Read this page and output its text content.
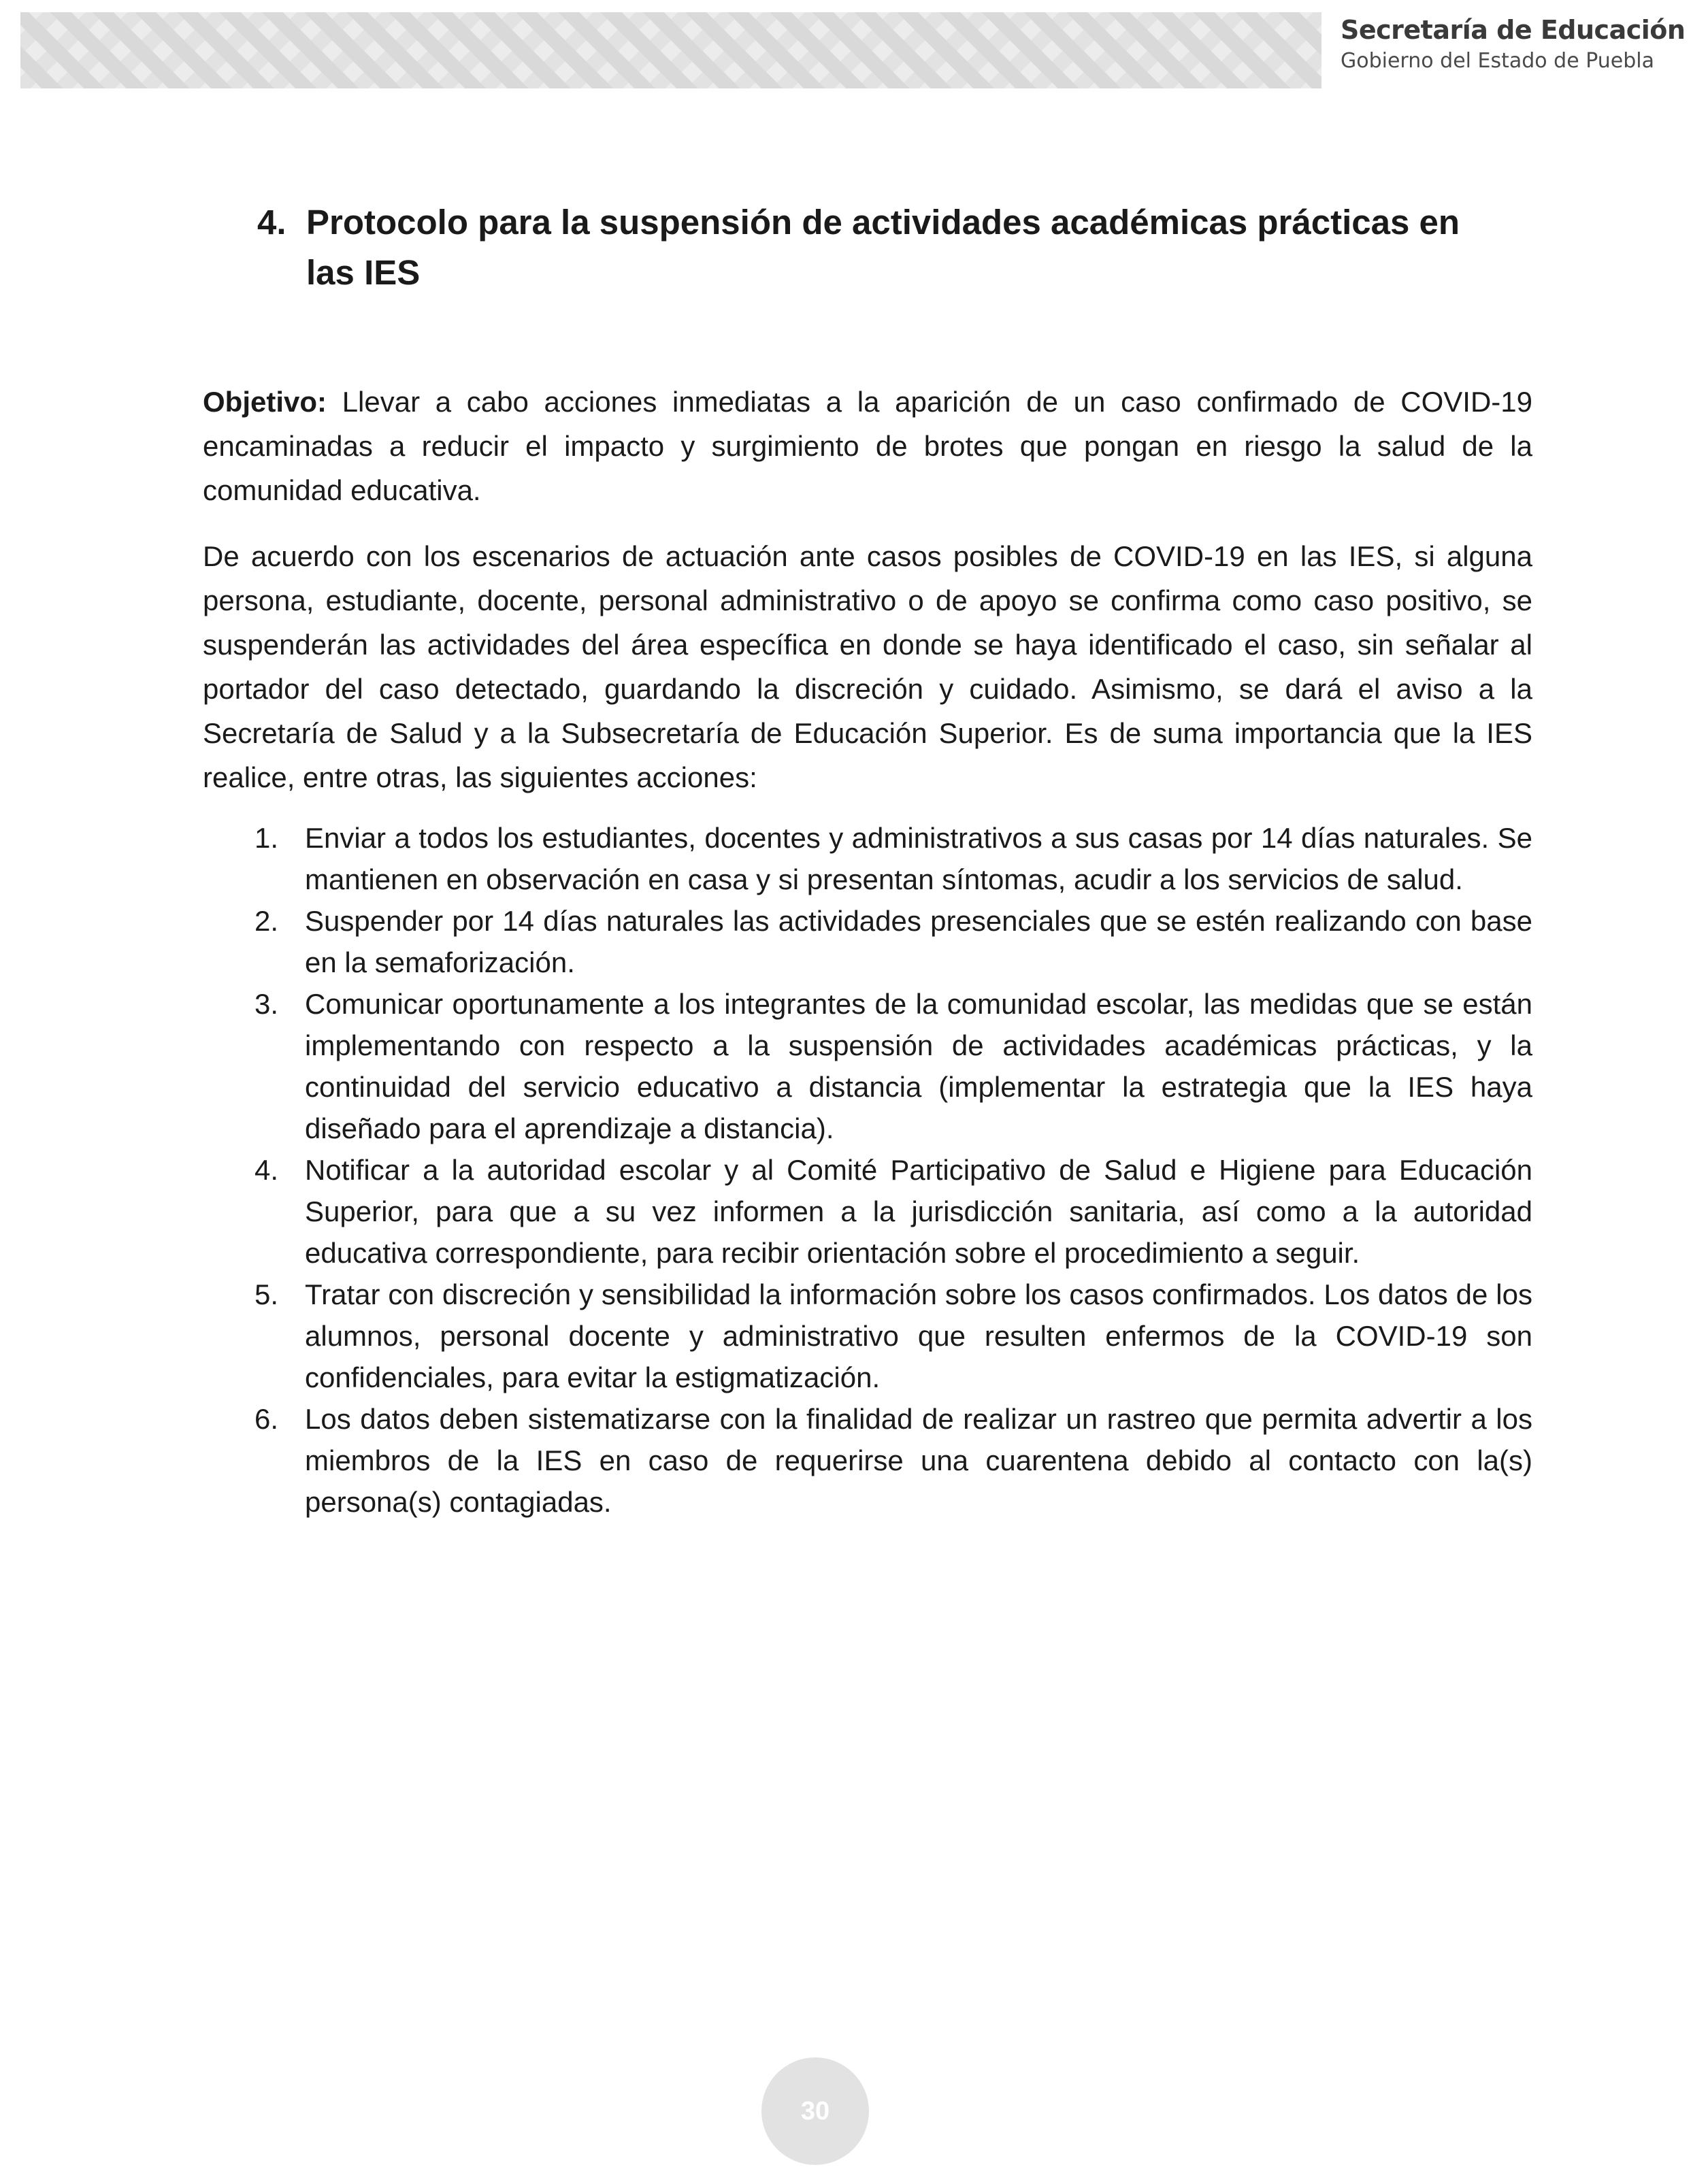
Secretaría de Educación
Gobierno del Estado de Puebla
4. Protocolo para la suspensión de actividades académicas prácticas en las IES

Objetivo: Llevar a cabo acciones inmediatas a la aparición de un caso confirmado de COVID-19 encaminadas a reducir el impacto y surgimiento de brotes que pongan en riesgo la salud de la comunidad educativa.

De acuerdo con los escenarios de actuación ante casos posibles de COVID-19 en las IES, si alguna persona, estudiante, docente, personal administrativo o de apoyo se confirma como caso positivo, se suspenderán las actividades del área específica en donde se haya identificado el caso, sin señalar al portador del caso detectado, guardando la discreción y cuidado. Asimismo, se dará el aviso a la Secretaría de Salud y a la Subsecretaría de Educación Superior. Es de suma importancia que la IES realice, entre otras, las siguientes acciones:

1. Enviar a todos los estudiantes, docentes y administrativos a sus casas por 14 días naturales. Se mantienen en observación en casa y si presentan síntomas, acudir a los servicios de salud.
2. Suspender por 14 días naturales las actividades presenciales que se estén realizando con base en la semaforización.
3. Comunicar oportunamente a los integrantes de la comunidad escolar, las medidas que se están implementando con respecto a la suspensión de actividades académicas prácticas, y la continuidad del servicio educativo a distancia (implementar la estrategia que la IES haya diseñado para el aprendizaje a distancia).
4. Notificar a la autoridad escolar y al Comité Participativo de Salud e Higiene para Educación Superior, para que a su vez informen a la jurisdicción sanitaria, así como a la autoridad educativa correspondiente, para recibir orientación sobre el procedimiento a seguir.
5. Tratar con discreción y sensibilidad la información sobre los casos confirmados. Los datos de los alumnos, personal docente y administrativo que resulten enfermos de la COVID-19 son confidenciales, para evitar la estigmatización.
6. Los datos deben sistematizarse con la finalidad de realizar un rastreo que permita advertir a los miembros de la IES en caso de requerirse una cuarentena debido al contacto con la(s) persona(s) contagiadas.
30
